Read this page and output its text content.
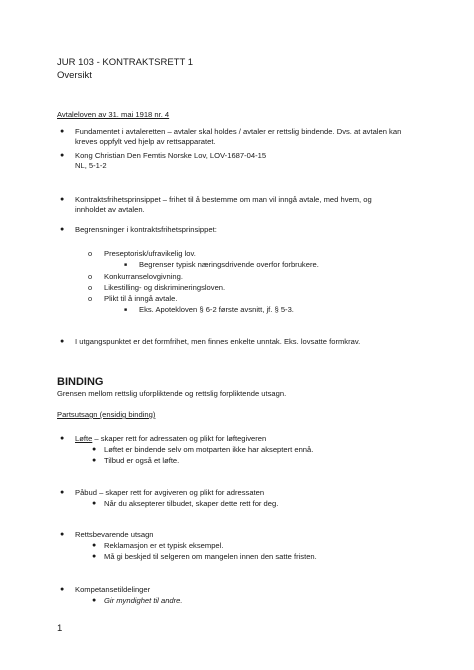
JUR 103 - KONTRAKTSRETT 1
Oversikt
Avtaleloven av 31. mai 1918 nr. 4
● Fundamentet i avtaleretten – avtaler skal holdes / avtaler er rettslig bindende. Dvs. at avtalen kan
kreves oppfylt ved hjelp av rettsapparatet.
● Kong Christian Den Femtis Norske Lov, LOV-1687-04-15
NL, 5-1-2
● Kontraktsfrihetsprinsippet – frihet til å bestemme om man vil inngå avtale, med hvem, og
innholdet av avtalen.
● Begrensninger i kontraktsfrihetsprinsippet:
o Preseptorisk/ufravikelig lov.
■ Begrenser typisk næringsdrivende overfor forbrukere.
o Konkurranselovgivning.
o Likestilling- og diskrimineringsloven.
o Plikt til å inngå avtale.
■ Eks. Apotekloven § 6-2 første avsnitt, jf. § 5-3.
● I utgangspunktet er det formfrihet, men finnes enkelte unntak. Eks. lovsatte formkrav.
BINDING
Grensen mellom rettslig uforpliktende og rettslig forpliktende utsagn.
Partsutsagn (ensidig binding)
● Løfte – skaper rett for adressaten og plikt for løftegiveren
● Løftet er bindende selv om motparten ikke har akseptert ennå.
● Tilbud er også et løfte.
● Påbud – skaper rett for avgiveren og plikt for adressaten
● Når du aksepterer tilbudet, skaper dette rett for deg.
● Rettsbevarende utsagn
● Reklamasjon er et typisk eksempel.
● Må gi beskjed til selgeren om mangelen innen den satte fristen.
● Kompetansetildelinger
● Gir myndighet til andre.
1
